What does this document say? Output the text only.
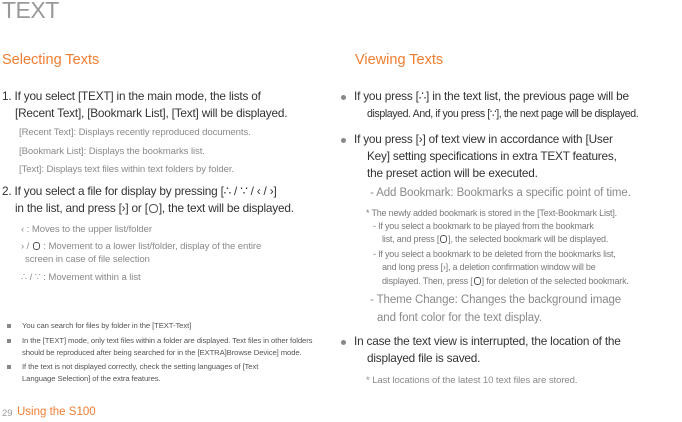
TEXT
Selecting Texts
1. If you select [TEXT] in the main mode, the lists of
[Recent Text], [Bookmark List], [Text] will be displayed.
[Recent Text]: Displays recently reproduced documents.
[Bookmark List]: Displays the bookmarks list.
[Text]: Displays text files within text folders by folder.
2. If you select a file for display by pressing [∴ / ∵ / ‹ / ›]
in the list, and press [›] or [ ], the text will be displayed.
‹ : Moves to the upper list/folder
› /  : Movement to a lower list/folder, display of the entire
screen in case of file selection
∴ / ∵ : Movement within a list
You can search for files by folder in the [TEXT-Text]
In the [TEXT] mode, only text files within a folder are displayed. Text files in other folders
should be reproduced after being searched for in the [EXTRA]Browse Device] mode.
If the text is not displayed correctly, check the setting languages of [Text
Language Selection] of the extra features.
Viewing Texts
If you press [∴] in the text list, the previous page will be
displayed. And, if you press [∵], the next page will be displayed.
If you press [›] of text view in accordance with [User
Key] setting specifications in extra TEXT features,
the preset action will be executed.
- Add Bookmark: Bookmarks a specific point of time.
* The newly added bookmark is stored in the [Text-Bookmark List].
- If you select a bookmark to be played from the bookmark
list, and press [ ], the selected bookmark will be displayed.
- If you select a bookmark to be deleted from the bookmarks list,
and long press [›], a deletion confirmation window will be
displayed. Then, press [ ] for deletion of the selected bookmark.
- Theme Change: Changes the background image
and font color for the text display.
In case the text view is interrupted, the location of the
displayed file is saved.
* Last locations of the latest 10 text files are stored.
29 Using the S100
